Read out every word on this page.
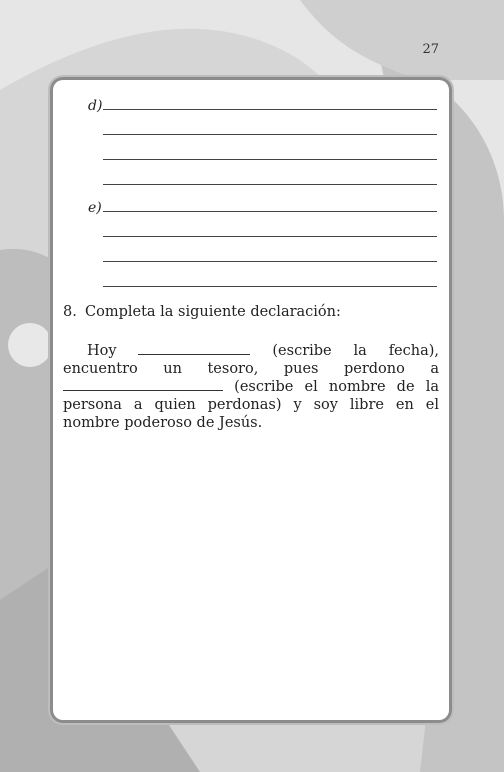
27
d)
e)
8. Completa la siguiente declaración:
Hoy	(escribe la fecha), encuentro un tesoro, pues perdono a  (escribe el nombre de la persona a quien perdonas) y soy libre en el nombre poderoso de Jesús.
